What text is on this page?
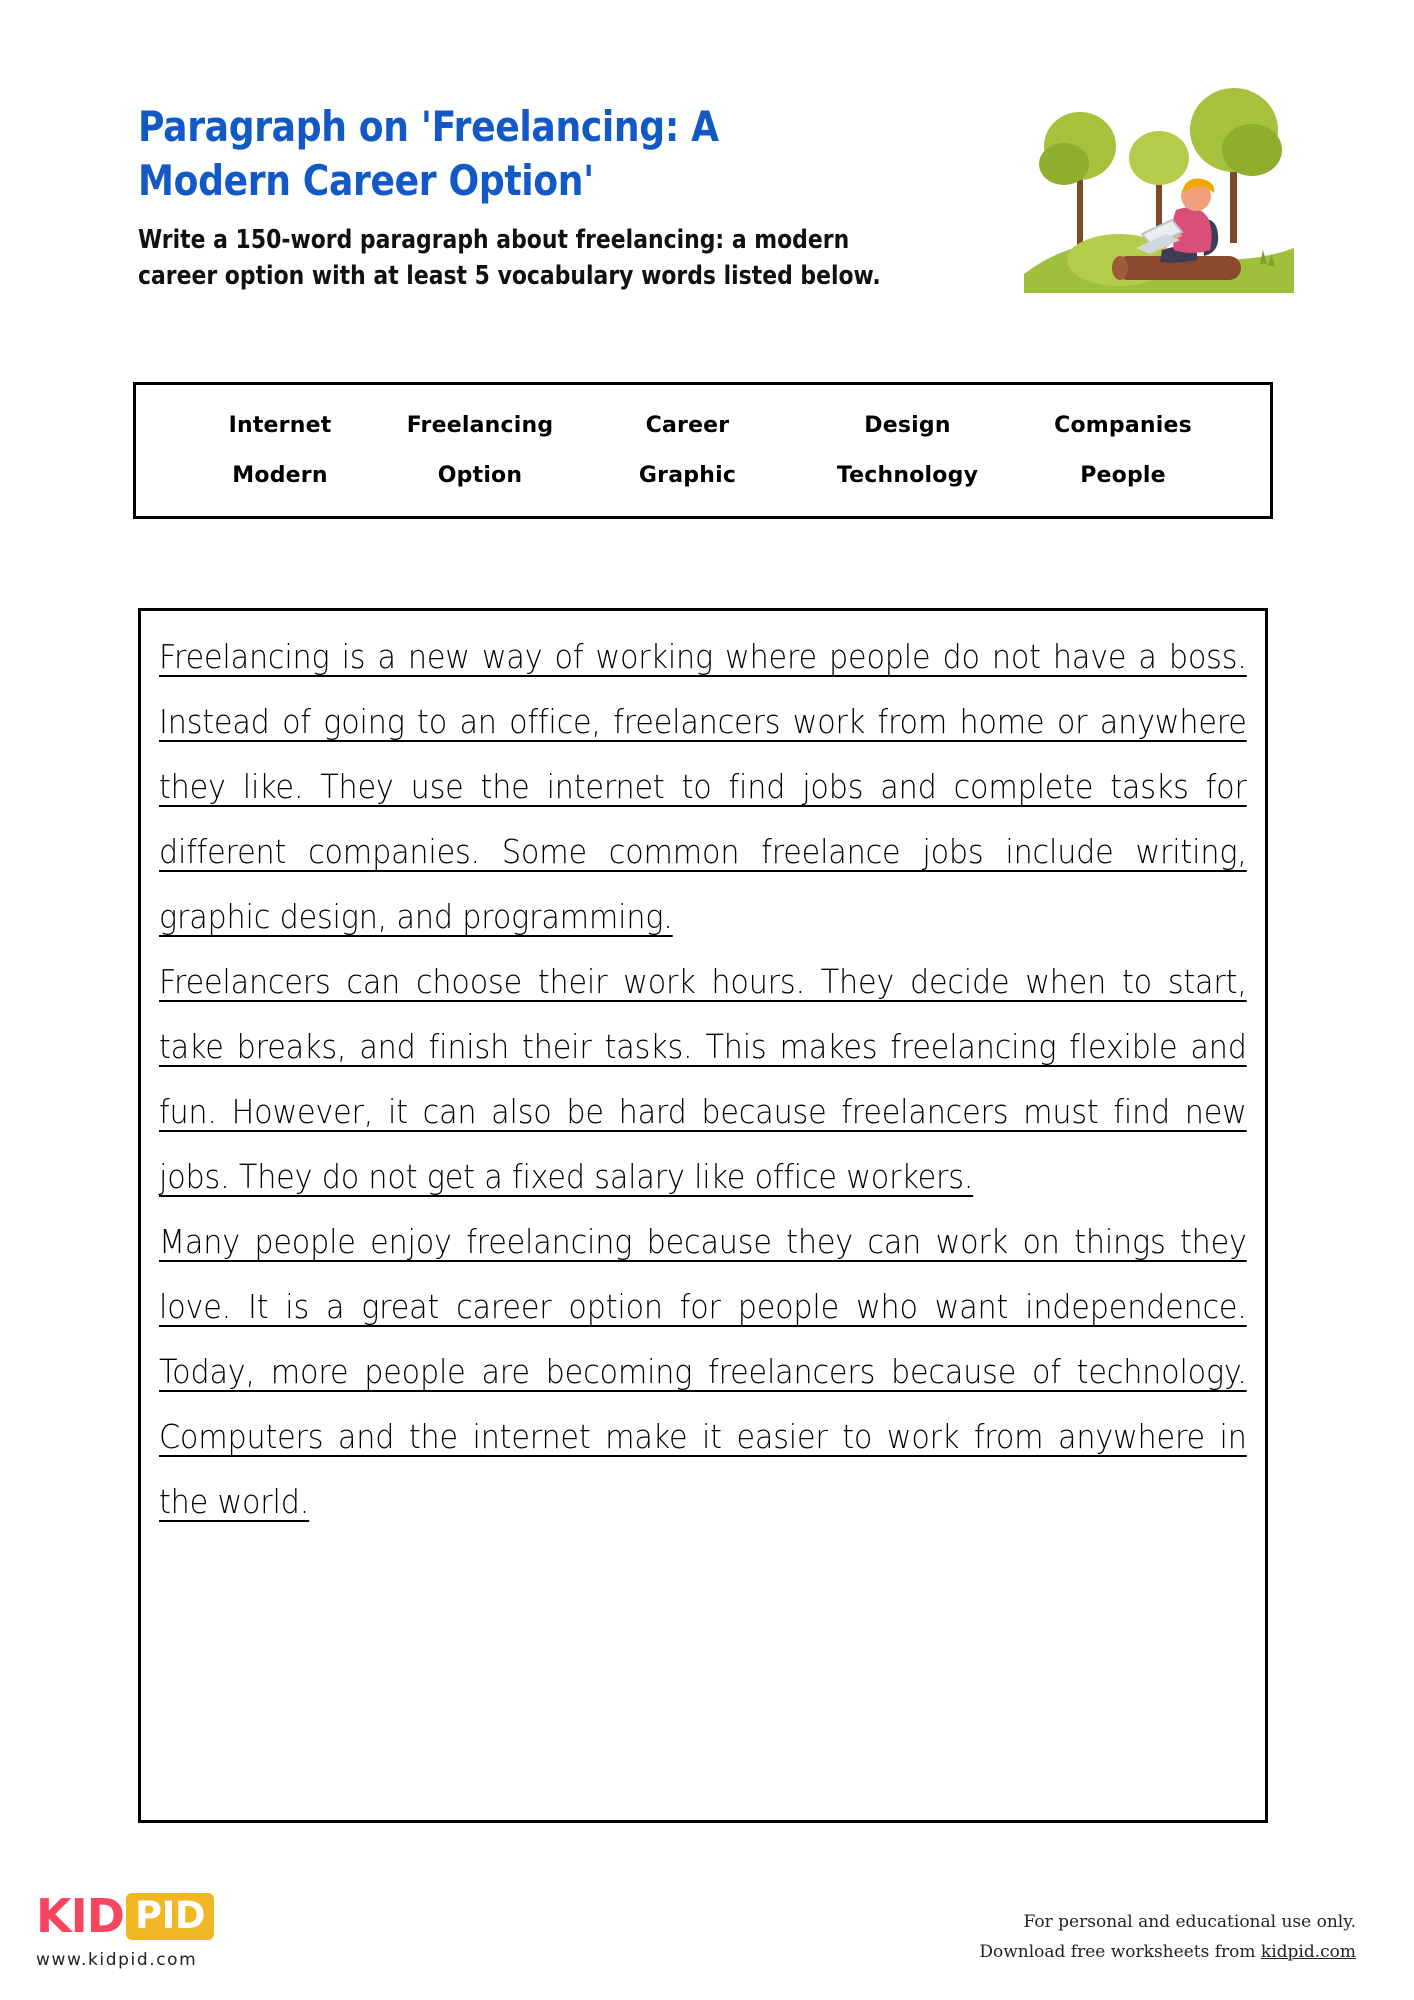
Paragraph on 'Freelancing: A Modern Career Option'
Write a 150-word paragraph about freelancing: a modern career option with at least 5 vocabulary words listed below.
Internet	Freelancing	Career	Design	Companies
Modern	Option	Graphic	Technology	People

Freelancing is a new way of working where people do not have a boss. Instead of going to an office, freelancers work from home or anywhere they like. They use the internet to find jobs and complete tasks for different companies. Some common freelance jobs include writing, graphic design, and programming.

Freelancers can choose their work hours. They decide when to start, take breaks, and finish their tasks. This makes freelancing flexible and fun. However, it can also be hard because freelancers must find new jobs. They do not get a fixed salary like office workers.

Many people enjoy freelancing because they can work on things they love. It is a great career option for people who want independence. Today, more people are becoming freelancers because of technology. Computers and the internet make it easier to work from anywhere in the world.

KID PID
www.kidpid.com
For personal and educational use only.
Download free worksheets from kidpid.com
